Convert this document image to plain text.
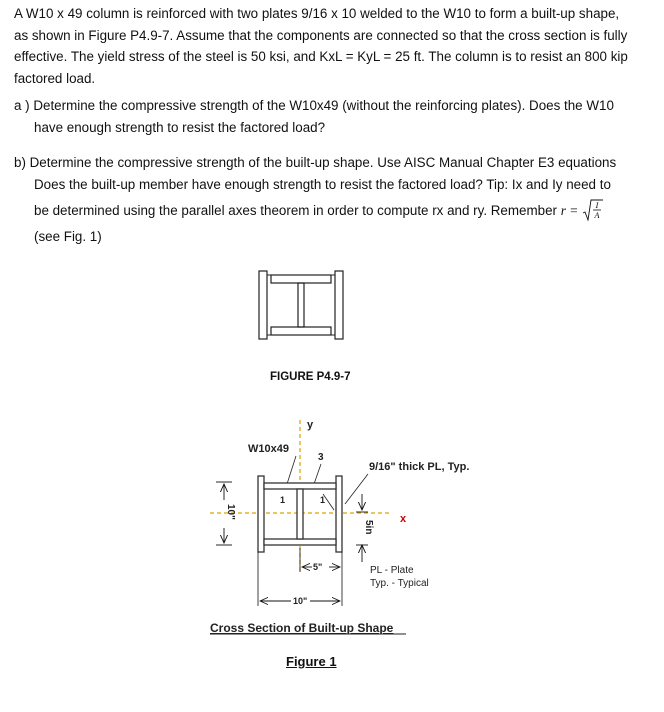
A W10 x 49 column is reinforced with two plates 9/16 x 10 welded to the W10 to form a built-up shape,
as shown in Figure P4.9-7. Assume that the components are connected so that the cross section is fully
effective. The yield stress of the steel is 50 ksi, and KxL = KyL = 25 ft. The column is to resist an 800 kip
factored load.
a ) Determine the compressive strength of the W10x49 (without the reinforcing plates). Does the W10
have enough strength to resist the factored load?
b) Determine the compressive strength of the built-up shape. Use AISC Manual Chapter E3 equations
Does the built-up member have enough strength to resist the factored load? Tip: Ix and Iy need to
be determined using the parallel axes theorem in order to compute rx and ry. Remember r = I
A
(see Fig. 1)
FIGURE P4.9-7
y
x
W10x49
3
1	1
9/16" thick PL, Typ.
5in
10"
5"
10"
PL - Plate
Typ. - Typical
Cross Section of Built-up Shape
Figure 1
